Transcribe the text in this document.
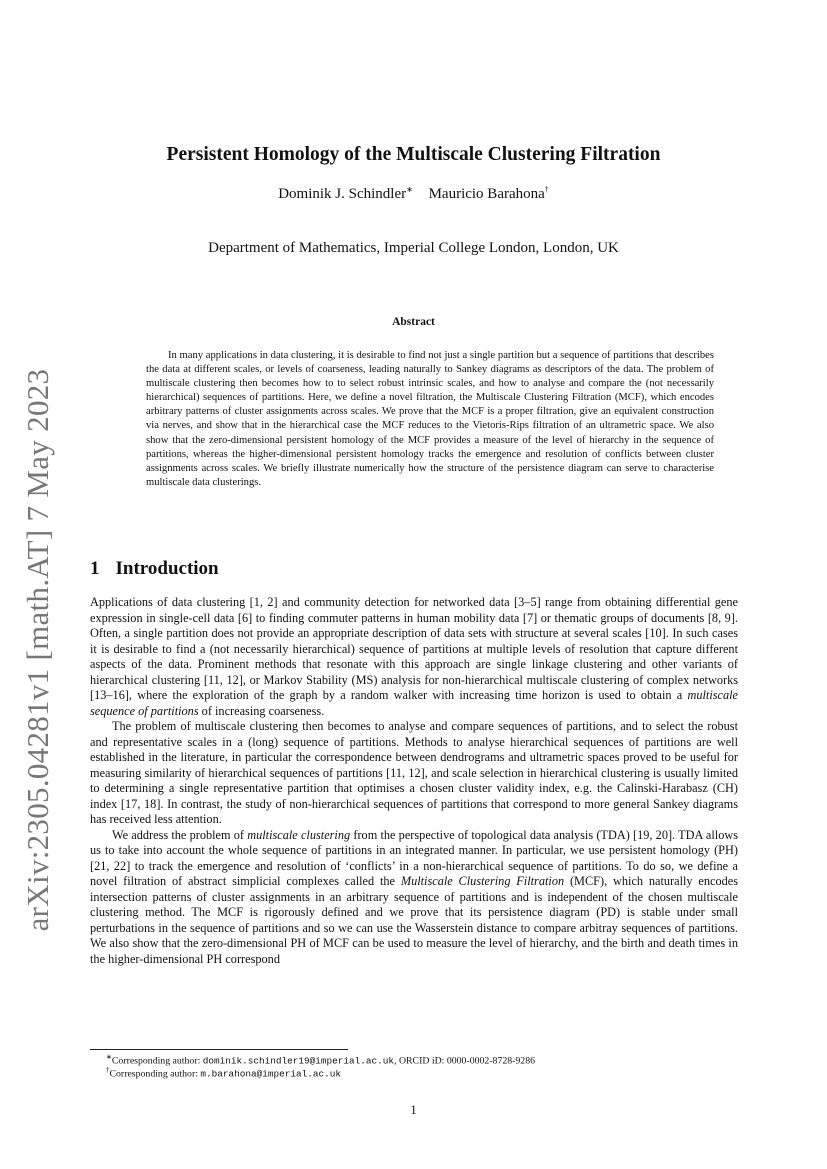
arXiv:2305.04281v1 [math.AT] 7 May 2023
Persistent Homology of the Multiscale Clustering Filtration
Dominik J. Schindler∗ Mauricio Barahona†
Department of Mathematics, Imperial College London, London, UK
Abstract
In many applications in data clustering, it is desirable to find not just a single partition but a sequence of partitions that describes the data at different scales, or levels of coarseness, leading naturally to Sankey diagrams as descriptors of the data. The problem of multiscale clustering then becomes how to to select robust intrinsic scales, and how to analyse and compare the (not necessarily hierarchical) sequences of partitions. Here, we define a novel filtration, the Multiscale Clustering Filtration (MCF), which encodes arbitrary patterns of cluster assignments across scales. We prove that the MCF is a proper filtration, give an equivalent construction via nerves, and show that in the hierarchical case the MCF reduces to the Vietoris-Rips filtration of an ultrametric space. We also show that the zero-dimensional persistent homology of the MCF provides a measure of the level of hierarchy in the sequence of partitions, whereas the higher-dimensional persistent homology tracks the emergence and resolution of conflicts between cluster assignments across scales. We briefly illustrate numerically how the structure of the persistence diagram can serve to characterise multiscale data clusterings.
1 Introduction

Applications of data clustering [1, 2] and community detection for networked data [3–5] range from obtaining differential gene expression in single-cell data [6] to finding commuter patterns in human mobility data [7] or thematic groups of documents [8, 9]. Often, a single partition does not provide an appropriate description of data sets with structure at several scales [10]. In such cases it is desirable to find a (not necessarily hierarchical) sequence of partitions at multiple levels of resolution that capture different aspects of the data. Prominent methods that resonate with this approach are single linkage clustering and other variants of hierarchical clustering [11, 12], or Markov Stability (MS) analysis for non-hierarchical multiscale clustering of complex networks [13–16], where the exploration of the graph by a random walker with increasing time horizon is used to obtain a multiscale sequence of partitions of increasing coarseness.

The problem of multiscale clustering then becomes to analyse and compare sequences of partitions, and to select the robust and representative scales in a (long) sequence of partitions. Methods to analyse hierarchical sequences of partitions are well established in the literature, in particular the correspondence between dendrograms and ultrametric spaces proved to be useful for measuring similarity of hierarchical sequences of partitions [11, 12], and scale selection in hierarchical clustering is usually limited to determining a single representative partition that optimises a chosen cluster validity index, e.g. the Calinski-Harabasz (CH) index [17, 18]. In contrast, the study of non-hierarchical sequences of partitions that correspond to more general Sankey diagrams has received less attention.

We address the problem of multiscale clustering from the perspective of topological data analysis (TDA) [19, 20]. TDA allows us to take into account the whole sequence of partitions in an integrated manner. In particular, we use persistent homology (PH) [21, 22] to track the emergence and resolution of ‘conflicts’ in a non-hierarchical sequence of partitions. To do so, we define a novel filtration of abstract simplicial complexes called the Multiscale Clustering Filtration (MCF), which naturally encodes intersection patterns of cluster assignments in an arbitrary sequence of partitions and is independent of the chosen multiscale clustering method. The MCF is rigorously defined and we prove that its persistence diagram (PD) is stable under small perturbations in the sequence of partitions and so we can use the Wasserstein distance to compare arbitray sequences of partitions. We also show that the zero-dimensional PH of MCF can be used to measure the level of hierarchy, and the birth and death times in the higher-dimensional PH correspond

∗Corresponding author: dominik.schindler19@imperial.ac.uk, ORCID iD: 0000-0002-8728-9286
†Corresponding author: m.barahona@imperial.ac.uk
1
